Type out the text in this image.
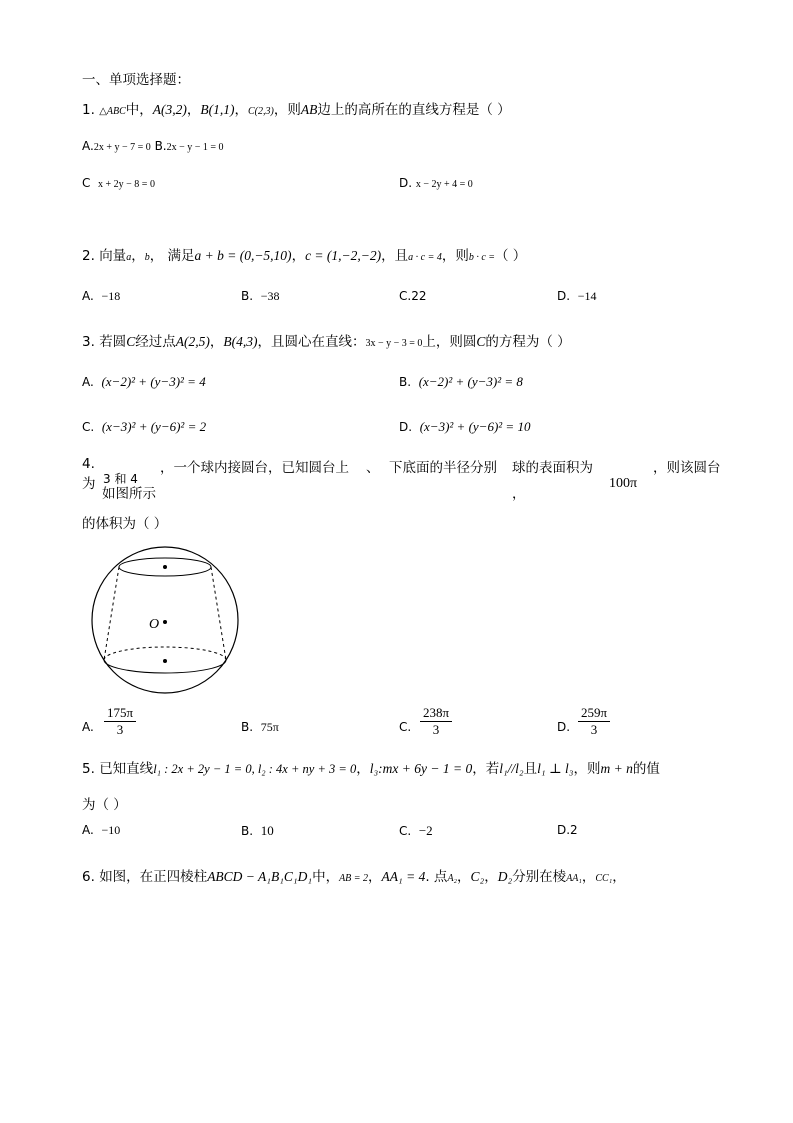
一、单项选择题：
1. △ABC中，A(3,2)，B(1,1)，C(2,3)，则AB边上的高所在的直线方程是（ ）
A.2x + y − 7 = 0 B.2x − y − 1 = 0
C x + 2y − 8 = 0	D. x − 2y + 4 = 0
2. 向量a，b， 满足a + b = (0,−5,10)，c = (1,−2,−2)，且a · c = 4，则b · c =（ ）
A. −18	B. −38	C.22	D. −14
3. 若圆C经过点A(2,5)，B(4,3)，且圆心在直线：3x − y − 3 = 0上，则圆C的方程为（ ）
A. (x−2)² + (y−3)² = 4	B. (x−2)² + (y−3)² = 8
C. (x−3)² + (y−6)² = 2	D. (x−3)² + (y−6)² = 10
4.	，一个球内接圆台，已知圆台上 、 下底面的半径分别 球的表面积为	，则该圆台
为 3 和 4
如图所示	，
100π
的体积为（ ）
O
A. $\frac{175\pi}{3}$	B. 75π	C. $\frac{238\pi}{3}$	D. $\frac{259\pi}{3}$
5. 已知直线l₁ : 2x + 2y − 1 = 0, l₂ : 4x + ny + 3 = 0，l₃:mx + 6y − 1 = 0，若l₁//l₂且l₁ ⊥ l₃，则m + n的值
为（ ）
A. −10	B. 10	C. −2	D.2
6. 如图，在正四棱柱ABCD − A₁B₁C₁D₁中，AB = 2，AA₁ = 4. 点A₂，C₂，D₂分别在棱AA₁，CC₁，
